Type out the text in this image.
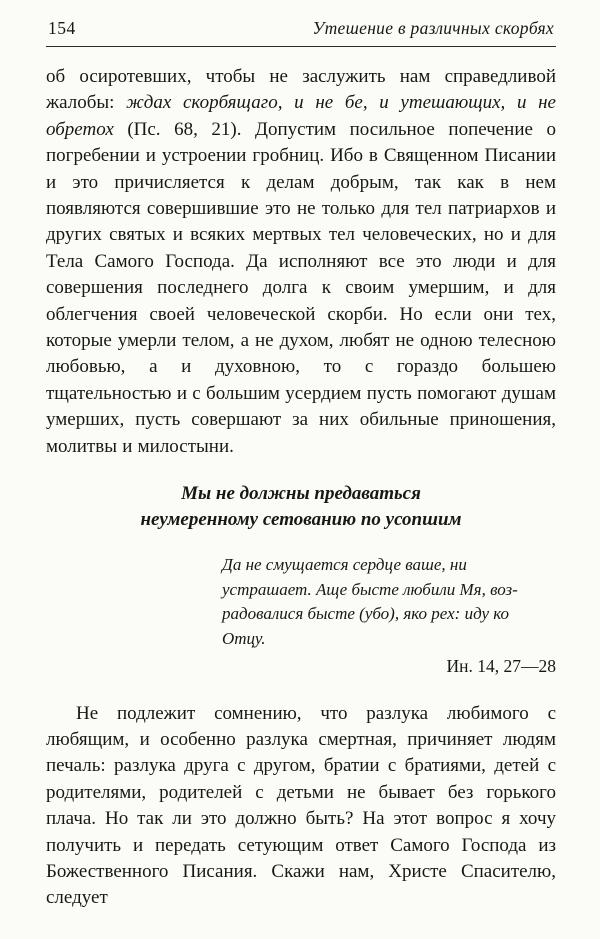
154	Утешение в различных скорбях

об осиротевших, чтобы не заслужить нам справедливой жалобы: ждах скорбящаго, и не бе, и утешающих, и не обретох (Пс. 68, 21). Допустим посильное попечение о погребении и устроении гробниц. Ибо в Священном Писании и это причисляется к делам добрым, так как в нем появляются совершившие это не только для тел патриархов и других святых и всяких мертвых тел человеческих, но и для Тела Самого Господа. Да исполняют все это люди и для совершения последнего долга к своим умершим, и для облегчения своей человеческой скорби. Но если они тех, которые умерли телом, а не духом, любят не одною телесною любовью, а и духовною, то с гораздо большею тщательностью и с большим усердием пусть помогают душам умерших, пусть совершают за них обильные приношения, молитвы и милостыни.

Мы не должны предаваться
неумеренному сетованию по усопшим
Да не смущается сердце ваше, ни
устрашает. Аще бысте любили Мя, воз-
радовалися бысте (убо), яко рех: иду ко
Отцу.
Ин. 14, 27—28

Не подлежит сомнению, что разлука любимого с любящим, и особенно разлука смертная, причиняет людям печаль: разлука друга с другом, братии с братиями, детей с родителями, родителей с детьми не бывает без горького плача. Но так ли это должно быть? На этот вопрос я хочу получить и передать сетующим ответ Самого Господа из Божественного Писания. Скажи нам, Христе Спасителю, следует
